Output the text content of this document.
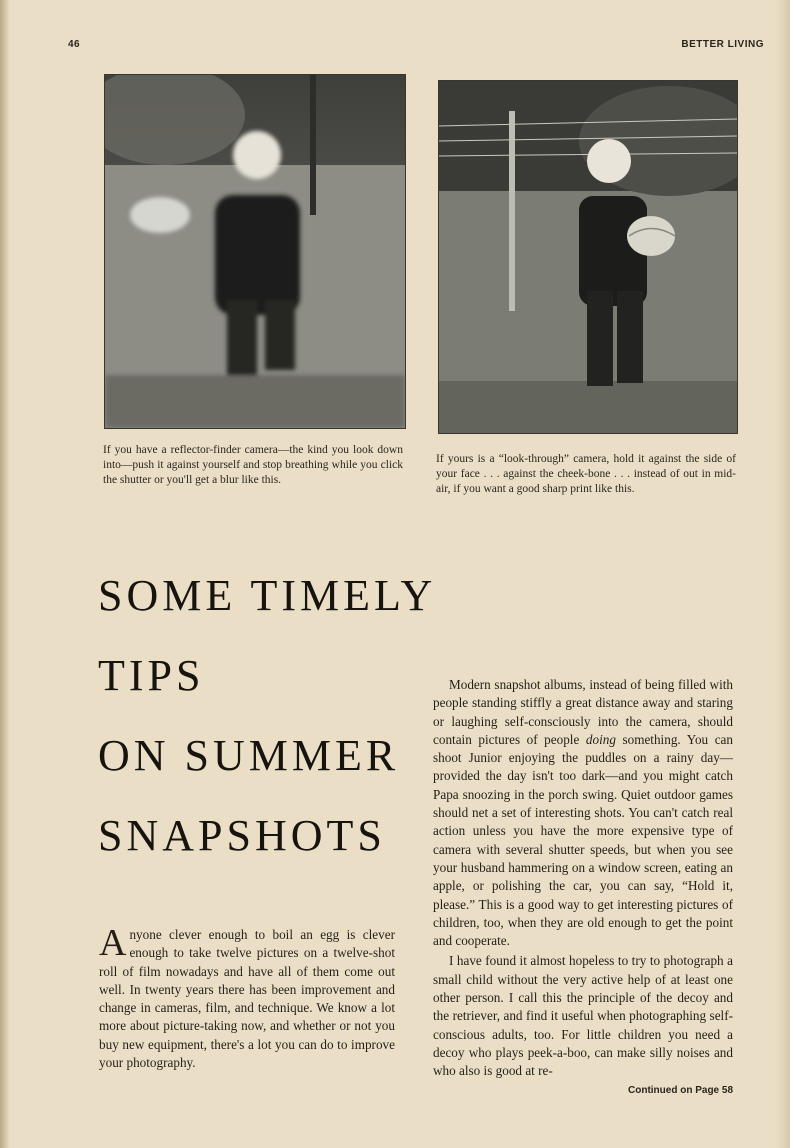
46	BETTER LIVING
If you have a reflector-finder camera—the kind you look down into—push it against yourself and stop breathing while you click the shutter or you'll get a blur like this.
If yours is a “look-through” camera, hold it against the side of your face . . . against the cheek-bone . . . instead of out in mid-air, if you want a good sharp print like this.
SOME TIMELY
TIPS
ON SUMMER
SNAPSHOTS

Modern snapshot albums, instead of being filled with people standing stiffly a great distance away and staring or laughing self-consciously into the camera, should contain pictures of people doing something. You can shoot Junior enjoying the puddles on a rainy day—provided the day isn't too dark—and you might catch Papa snoozing in the porch swing. Quiet outdoor games should net a set of interesting shots. You can't catch real action unless you have the more expensive type of camera with several shutter speeds, but when you see your husband hammering on a window screen, eating an apple, or polishing the car, you can say, “Hold it, please.” This is a good way to get interesting pictures of children, too, when they are old enough to get the point and cooperate.

I have found it almost hopeless to try to photograph a small child without the very active help of at least one other person. I call this the principle of the decoy and the retriever, and find it useful when photographing self-conscious adults, too. For little children you need a decoy who plays peek-a-boo, can make silly noises and who also is good at re-

Anyone clever enough to boil an egg is clever enough to take twelve pictures on a twelve-shot roll of film nowadays and have all of them come out well. In twenty years there has been improvement and change in cameras, film, and technique. We know a lot more about picture-taking now, and whether or not you buy new equipment, there's a lot you can do to improve your photography.

Continued on Page 58
